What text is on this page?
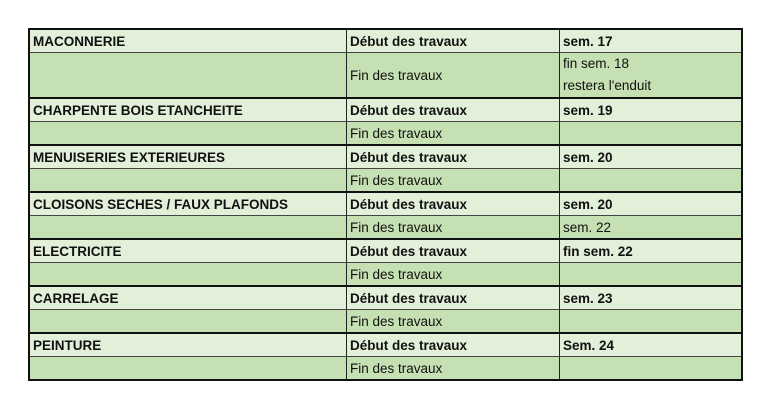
MACONNERIE	Début des travaux	sem. 17
	Fin des travaux	fin sem. 18
restera l'enduit

CHARPENTE BOIS ETANCHEITE	Début des travaux	sem. 19
	Fin des travaux	
MENUISERIES EXTERIEURES	Début des travaux	sem. 20
	Fin des travaux	
CLOISONS SECHES / FAUX PLAFONDS	Début des travaux	sem. 20
	Fin des travaux	sem. 22
ELECTRICITE	Début des travaux	fin sem. 22
	Fin des travaux	
CARRELAGE	Début des travaux	sem. 23
	Fin des travaux	
PEINTURE	Début des travaux	Sem. 24
	Fin des travaux	
